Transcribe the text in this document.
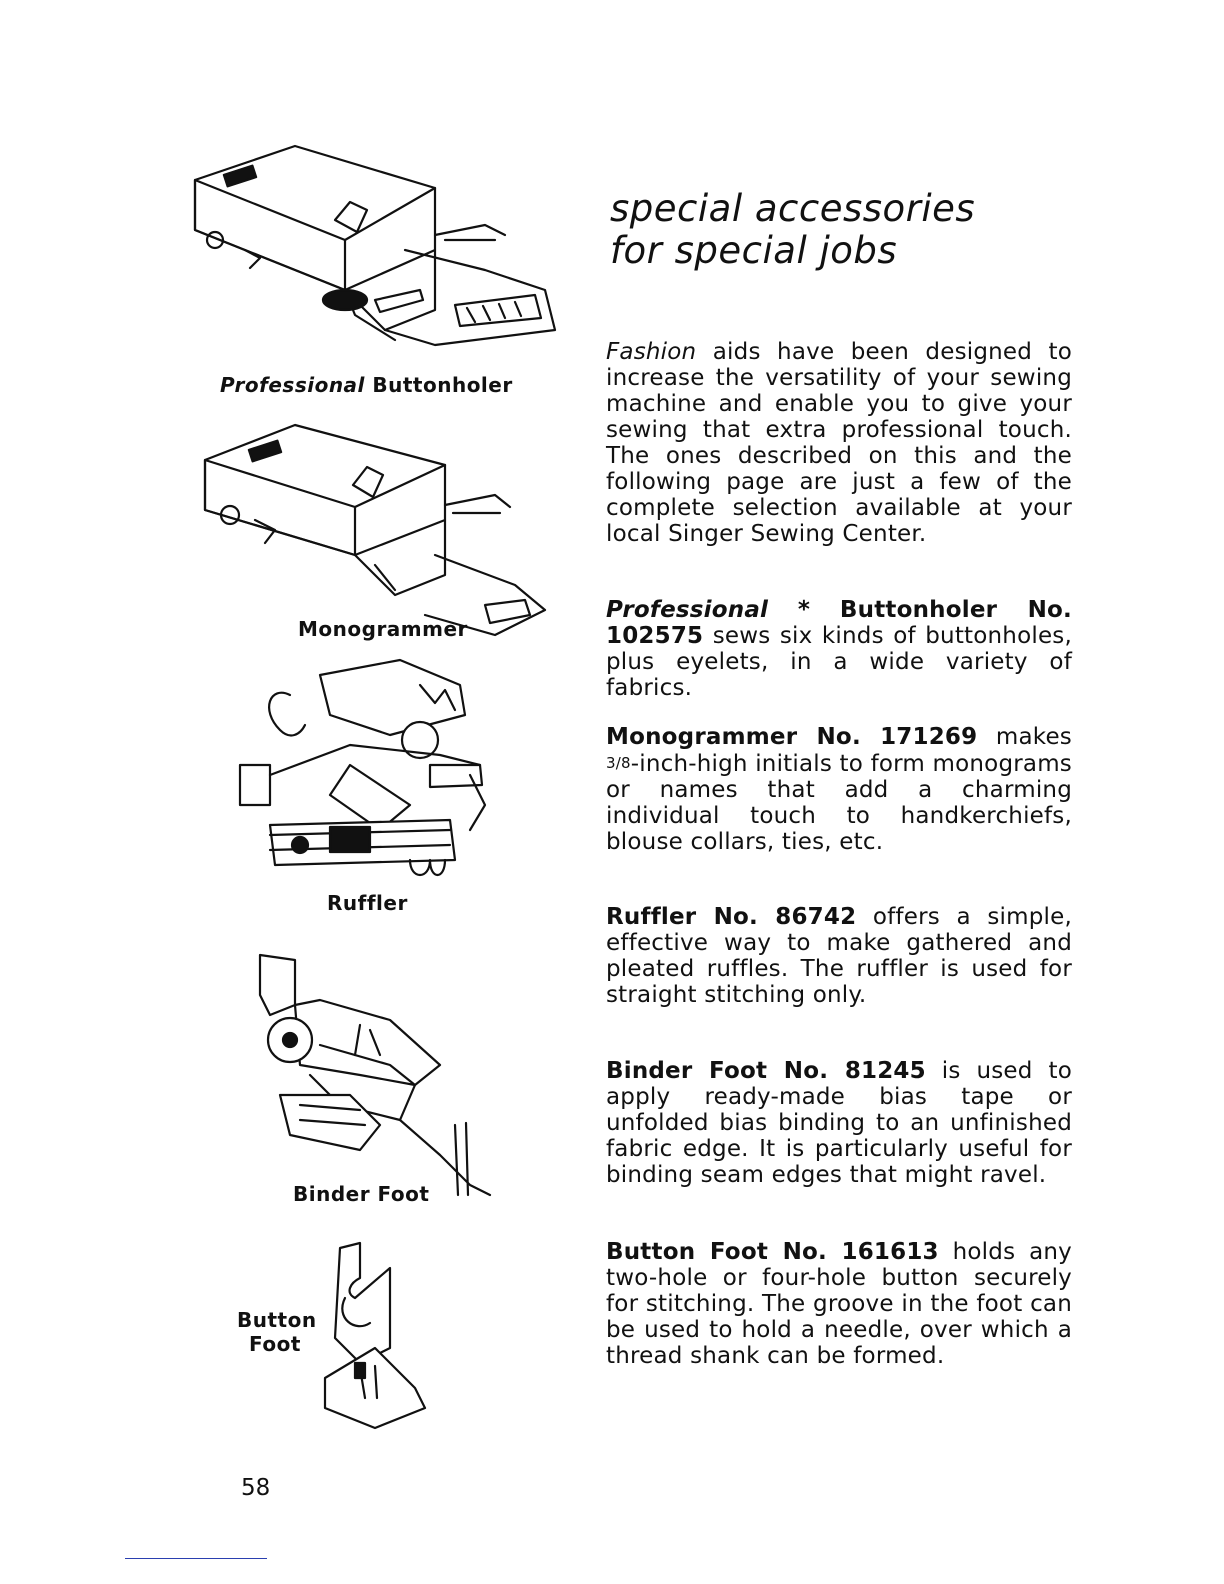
Professional Buttonholer
Monogrammer
Ruffler
Binder Foot
Button
Foot
special accessories
for special jobs
Fashion aids have been designed to increase the versatility of your sewing machine and enable you to give your sewing that extra professional touch. The ones described on this and the following page are just a few of the complete selection available at your local Singer Sewing Center.
Professional * Buttonholer No. 102575 sews six kinds of buttonholes, plus eyelets, in a wide variety of fabrics.
Monogrammer No. 171269 makes 3/8-inch-high initials to form monograms or names that add a charming individual touch to handkerchiefs, blouse collars, ties, etc.
Ruffler No. 86742 offers a simple, effective way to make gathered and pleated ruffles. The ruffler is used for straight stitching only.
Binder Foot No. 81245 is used to apply ready-made bias tape or unfolded bias binding to an unfinished fabric edge. It is particularly useful for binding seam edges that might ravel.
Button Foot No. 161613 holds any two-hole or four-hole button securely for stitching. The groove in the foot can be used to hold a needle, over which a thread shank can be formed.
58
